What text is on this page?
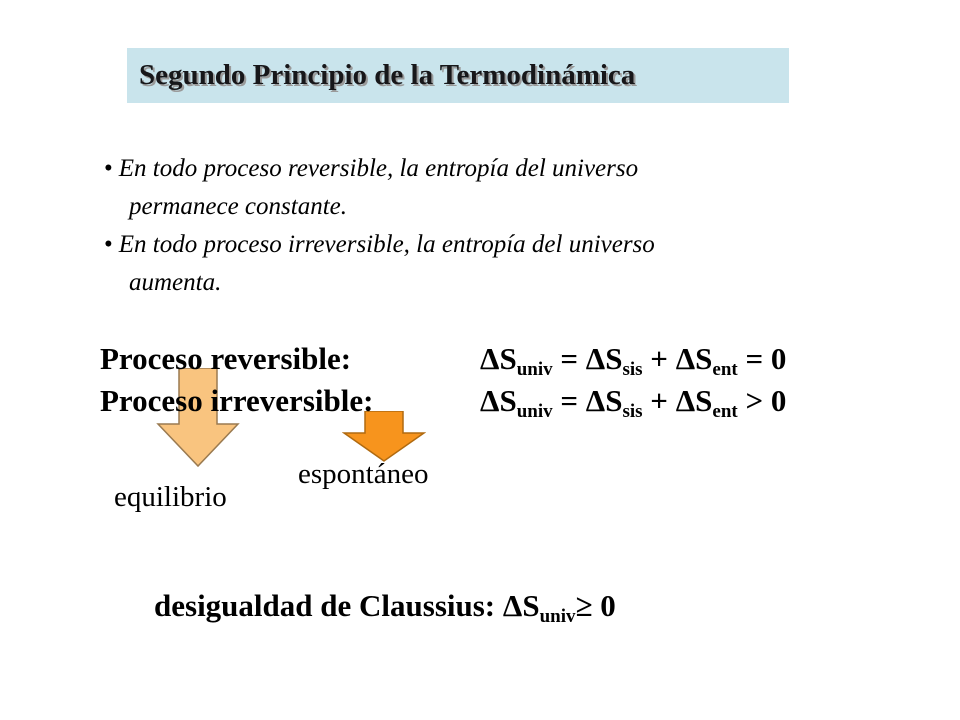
Segundo Principio de la Termodinámica
• En todo proceso reversible, la entropía del universo
permanece constante.
• En todo proceso irreversible, la entropía del universo
aumenta.
Proceso reversible:	$\Delta S_{univ} = \Delta S_{sis} + \Delta S_{ent} = 0$
Proceso irreversible:	$\Delta S_{univ} = \Delta S_{sis} + \Delta S_{ent} > 0$
espontáneo
equilibrio
desigualdad de Claussius: $\Delta S_{univ}\ge 0$
